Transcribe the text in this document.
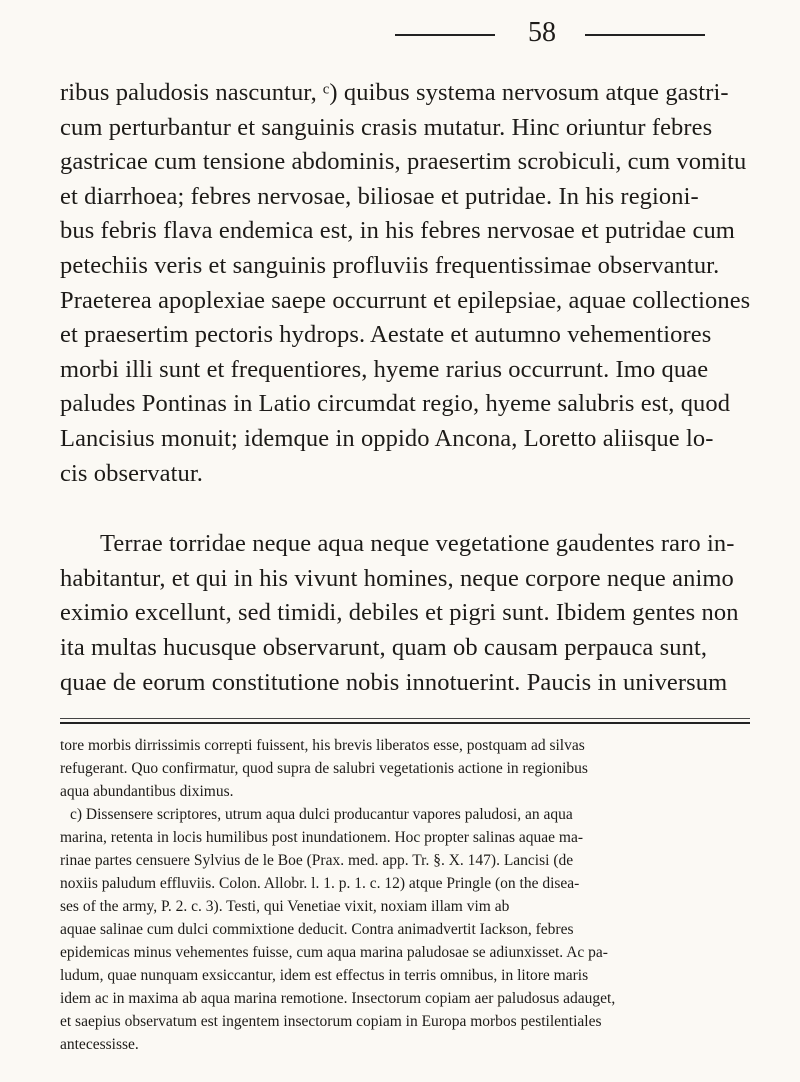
58
ribus paludosis nascuntur, ᶜ) quibus systema nervosum atque gastri-
cum perturbantur et sanguinis crasis mutatur. Hinc oriuntur febres
gastricae cum tensione abdominis, praesertim scrobiculi, cum vomitu
et diarrhoea; febres nervosae, biliosae et putridae. In his regioni-
bus febris flava endemica est, in his febres nervosae et putridae cum
petechiis veris et sanguinis profluviis frequentissimae observantur.
Praeterea apoplexiae saepe occurrunt et epilepsiae, aquae collectiones
et praesertim pectoris hydrops. Aestate et autumno vehementiores
morbi illi sunt et frequentiores, hyeme rarius occurrunt. Imo quae
paludes Pontinas in Latio circumdat regio, hyeme salubris est, quod
Lancisius monuit; idemque in oppido Ancona, Loretto aliisque lo-
cis observatur.
Terrae torridae neque aqua neque vegetatione gaudentes raro in-
habitantur, et qui in his vivunt homines, neque corpore neque animo
eximio excellunt, sed timidi, debiles et pigri sunt. Ibidem gentes non
ita multas hucusque observarunt, quam ob causam perpauca sunt,
quae de eorum constitutione nobis innotuerint. Paucis in universum
tore morbis dirrissimis correpti fuissent, his brevis liberatos esse, postquam ad silvas
refugerant. Quo confirmatur, quod supra de salubri vegetationis actione in regionibus
aqua abundantibus diximus.
c) Dissensere scriptores, utrum aqua dulci producantur vapores paludosi, an aqua
marina, retenta in locis humilibus post inundationem. Hoc propter salinas aquae ma-
rinae partes censuere Sylvius de le Boe (Prax. med. app. Tr. §. X. 147). Lancisi (de
noxiis paludum effluviis. Colon. Allobr. l. 1. p. 1. c. 12) atque Pringle (on the disea-
ses of the army, P. 2. c. 3). Testi, qui Venetiae vixit, noxiam illam vim ab
aquae salinae cum dulci commixtione deducit. Contra animadvertit Iackson, febres
epidemicas minus vehementes fuisse, cum aqua marina paludosae se adiunxisset. Ac pa-
ludum, quae nunquam exsiccantur, idem est effectus in terris omnibus, in litore maris
idem ac in maxima ab aqua marina remotione. Insectorum copiam aer paludosus adauget,
et saepius observatum est ingentem insectorum copiam in Europa morbos pestilentiales
antecessisse.
